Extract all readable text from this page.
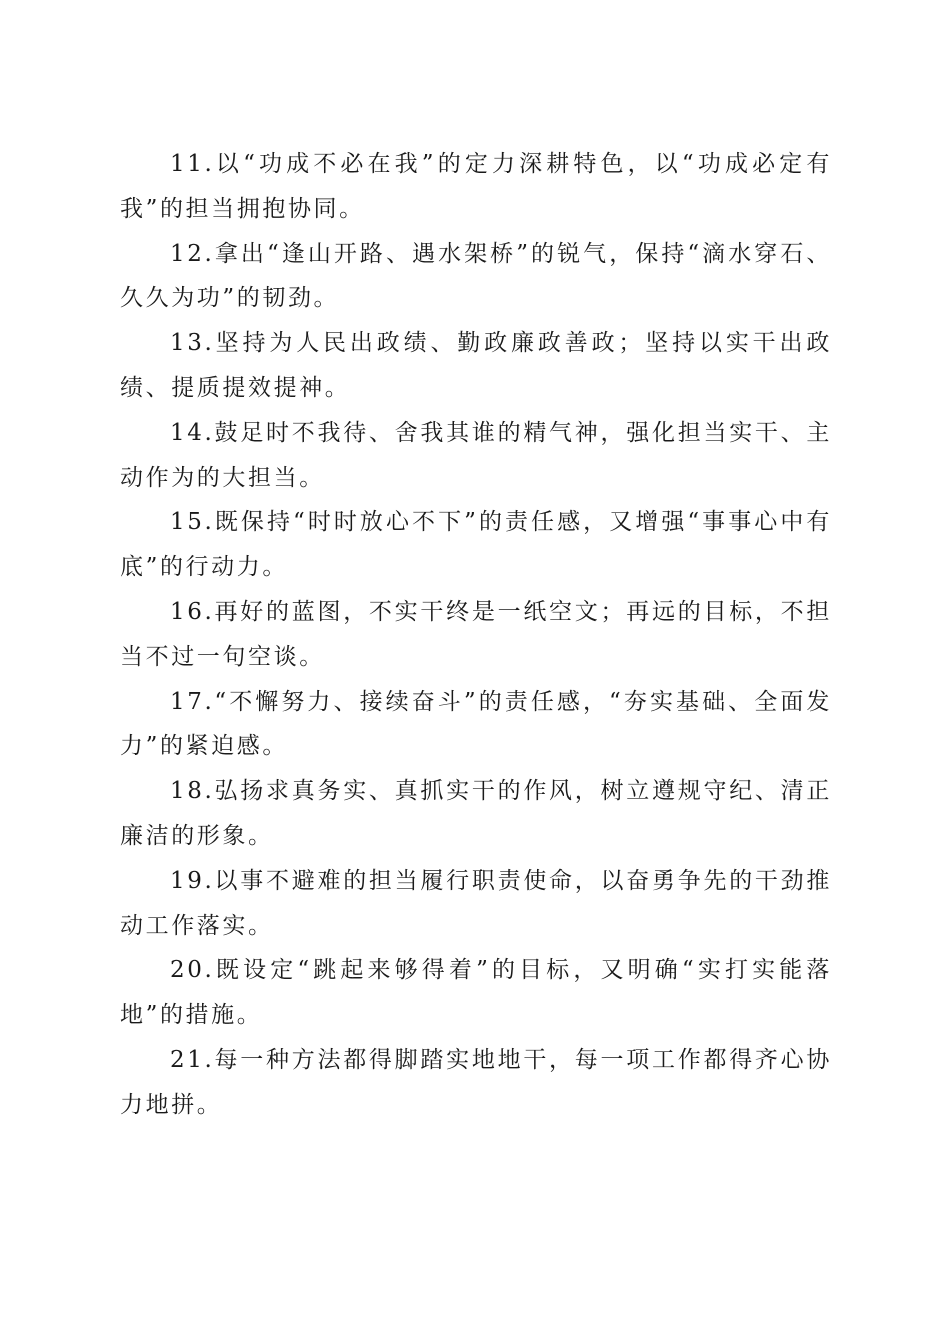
11.以“功成不必在我”的定力深耕特色，以“功成必定有我”的担当拥抱协同。

12.拿出“逢山开路、遇水架桥”的锐气，保持“滴水穿石、久久为功”的韧劲。

13.坚持为人民出政绩、勤政廉政善政；坚持以实干出政绩、提质提效提神。

14.鼓足时不我待、舍我其谁的精气神，强化担当实干、主动作为的大担当。

15.既保持“时时放心不下”的责任感，又增强“事事心中有底”的行动力。

16.再好的蓝图，不实干终是一纸空文；再远的目标，不担当不过一句空谈。

17.“不懈努力、接续奋斗”的责任感，“夯实基础、全面发力”的紧迫感。

18.弘扬求真务实、真抓实干的作风，树立遵规守纪、清正廉洁的形象。

19.以事不避难的担当履行职责使命，以奋勇争先的干劲推动工作落实。

20.既设定“跳起来够得着”的目标，又明确“实打实能落地”的措施。

21.每一种方法都得脚踏实地地干，每一项工作都得齐心协力地拼。
